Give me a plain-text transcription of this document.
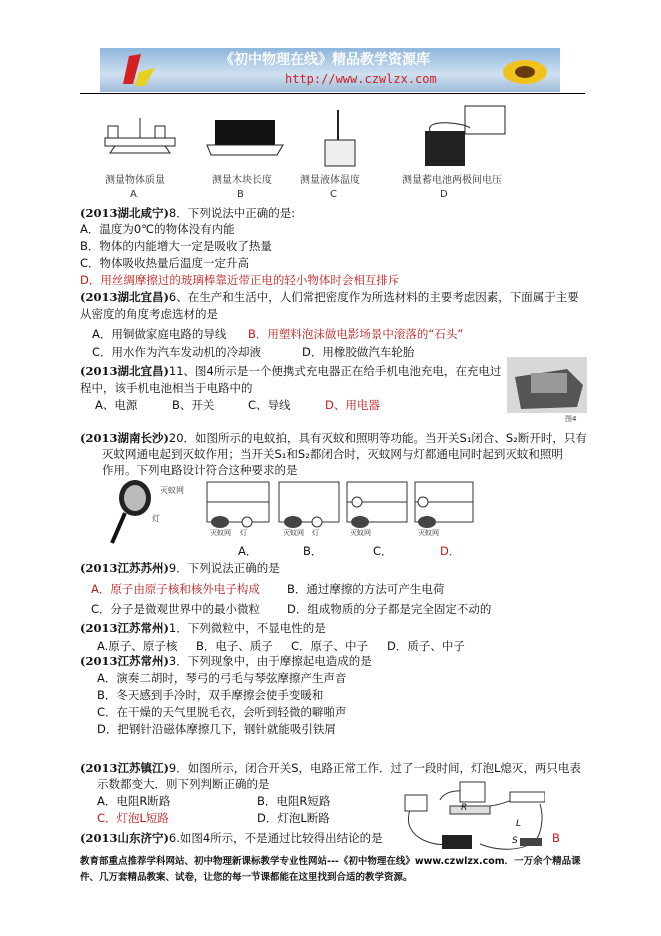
《初中物理在线》精品教学资源库
http://www.czwlzx.com
测量物体质量	测量木块长度	测量液体温度	测量蓄电池两极间电压
A	B	C	D
(2013湖北咸宁)8．下列说法中正确的是:
A．温度为0℃的物体没有内能
B．物体的内能增大一定是吸收了热量
C．物体吸收热量后温度一定升高
D．用丝绸摩擦过的玻璃棒靠近带正电的轻小物体时会相互排斥
(2013湖北宜昌)6、在生产和生活中，人们常把密度作为所选材料的主要考虑因素，下面属于主要
从密度的角度考虑选材的是
A．用铜做家庭电路的导线 B．用塑料泡沫做电影场景中滚落的“石头”
C．用水作为汽车发动机的冷却液	D．用橡胶做汽车轮胎
(2013湖北宜昌)11、图4所示是一个便携式充电器正在给手机电池充电，在充电过
程中，该手机电池相当于电路中的
A、电源	B、开关	C、导线	D、用电器
图4
(2013湖南长沙)20．如图所示的电蚊拍，具有灭蚊和照明等功能。当开关S₁闭合、S₂断开时，只有
灭蚊网通电起到灭蚊作用；当开关S₁和S₂都闭合时，灭蚊网与灯都通电同时起到灭蚊和照明
作用。下列电路设计符合这种要求的是
灭蚊网
灯
灭蚊网 灯	灭蚊网 灯	灭蚊网	灭蚊网
A．	B．	C．	D．
(2013江苏苏州)9．下列说法正确的是
A．原子由原子核和核外电子构成 B．通过摩擦的方法可产生电荷
C．分子是微观世界中的最小微粒 D．组成物质的分子都是完全固定不动的
(2013江苏常州)1．下列微粒中，不显电性的是
A.原子、原子核 B．电子、质子 C．原子、中子 D．质子、中子
(2013江苏常州)3．下列现象中，由于摩擦起电造成的是
A．演奏二胡时，琴弓的弓毛与琴弦摩擦产生声音
B．冬天感到手冷时，双手摩擦会使手变暖和
C．在干燥的天气里脱毛衣，会听到轻微的噼啪声
D．把钢针沿磁体摩擦几下，钢针就能吸引铁屑
(2013江苏镇江)9．如图所示，闭合开关S，电路正常工作．过了一段时间，灯泡L熄灭，两只电表
示数都变大．则下列判断正确的是
A．电阻R断路	B．电阻R短路
C．灯泡L短路	D．灯泡L断路
R
L
S
(2013山东济宁)6.如图4所示，不是通过比较得出结论的是	B
教育部重点推荐学科网站、初中物理新课标教学专业性网站---《初中物理在线》www.czwlzx.com．一万余个精品课
件、几万套精品教案、试卷，让您的每一节课都能在这里找到合适的教学资源。
